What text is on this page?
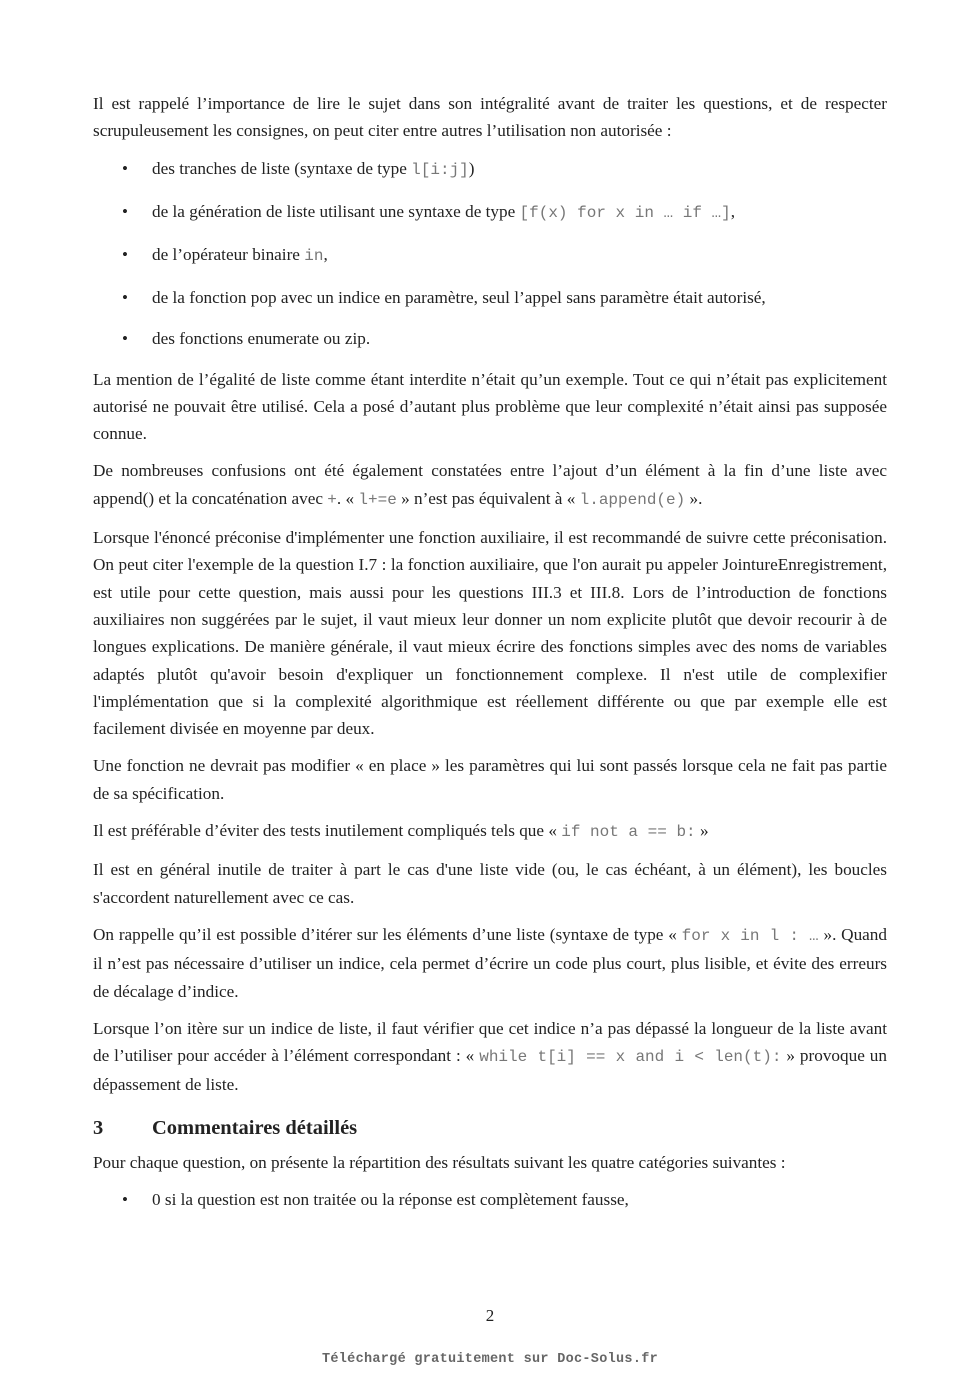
Il est rappelé l’importance de lire le sujet dans son intégralité avant de traiter les questions, et de respecter scrupuleusement les consignes, on peut citer entre autres l’utilisation non autorisée :

• des tranches de liste (syntaxe de type l[i:j])
• de la génération de liste utilisant une syntaxe de type [f(x) for x in … if …],
• de l’opérateur binaire in,
• de la fonction pop avec un indice en paramètre, seul l’appel sans paramètre était autorisé,
• des fonctions enumerate ou zip.

La mention de l’égalité de liste comme étant interdite n’était qu’un exemple. Tout ce qui n’était pas explicitement autorisé ne pouvait être utilisé. Cela a posé d’autant plus problème que leur complexité n’était ainsi pas supposée connue.

De nombreuses confusions ont été également constatées entre l’ajout d’un élément à la fin d’une liste avec append() et la concaténation avec +. « l+=e » n’est pas équivalent à « l.append(e) ».

Lorsque l'énoncé préconise d'implémenter une fonction auxiliaire, il est recommandé de suivre cette préconisation. On peut citer l'exemple de la question I.7 : la fonction auxiliaire, que l'on aurait pu appeler JointureEnregistrement, est utile pour cette question, mais aussi pour les questions III.3 et III.8. Lors de l’introduction de fonctions auxiliaires non suggérées par le sujet, il vaut mieux leur donner un nom explicite plutôt que devoir recourir à de longues explications. De manière générale, il vaut mieux écrire des fonctions simples avec des noms de variables adaptés plutôt qu'avoir besoin d'expliquer un fonctionnement complexe. Il n'est utile de complexifier l'implémentation que si la complexité algorithmique est réellement différente ou que par exemple elle est facilement divisée en moyenne par deux.

Une fonction ne devrait pas modifier « en place » les paramètres qui lui sont passés lorsque cela ne fait pas partie de sa spécification.

Il est préférable d’éviter des tests inutilement compliqués tels que « if not a == b: »

Il est en général inutile de traiter à part le cas d'une liste vide (ou, le cas échéant, à un élément), les boucles s'accordent naturellement avec ce cas.

On rappelle qu’il est possible d’itérer sur les éléments d’une liste (syntaxe de type « for x in l : … ». Quand il n’est pas nécessaire d’utiliser un indice, cela permet d’écrire un code plus court, plus lisible, et évite des erreurs de décalage d’indice.

Lorsque l’on itère sur un indice de liste, il faut vérifier que cet indice n’a pas dépassé la longueur de la liste avant de l’utiliser pour accéder à l’élément correspondant : « while t[i] == x and i < len(t): » provoque un dépassement de liste.

3 Commentaires détaillés

Pour chaque question, on présente la répartition des résultats suivant les quatre catégories suivantes :

• 0 si la question est non traitée ou la réponse est complètement fausse,
2
Téléchargé gratuitement sur Doc-Solus.fr
